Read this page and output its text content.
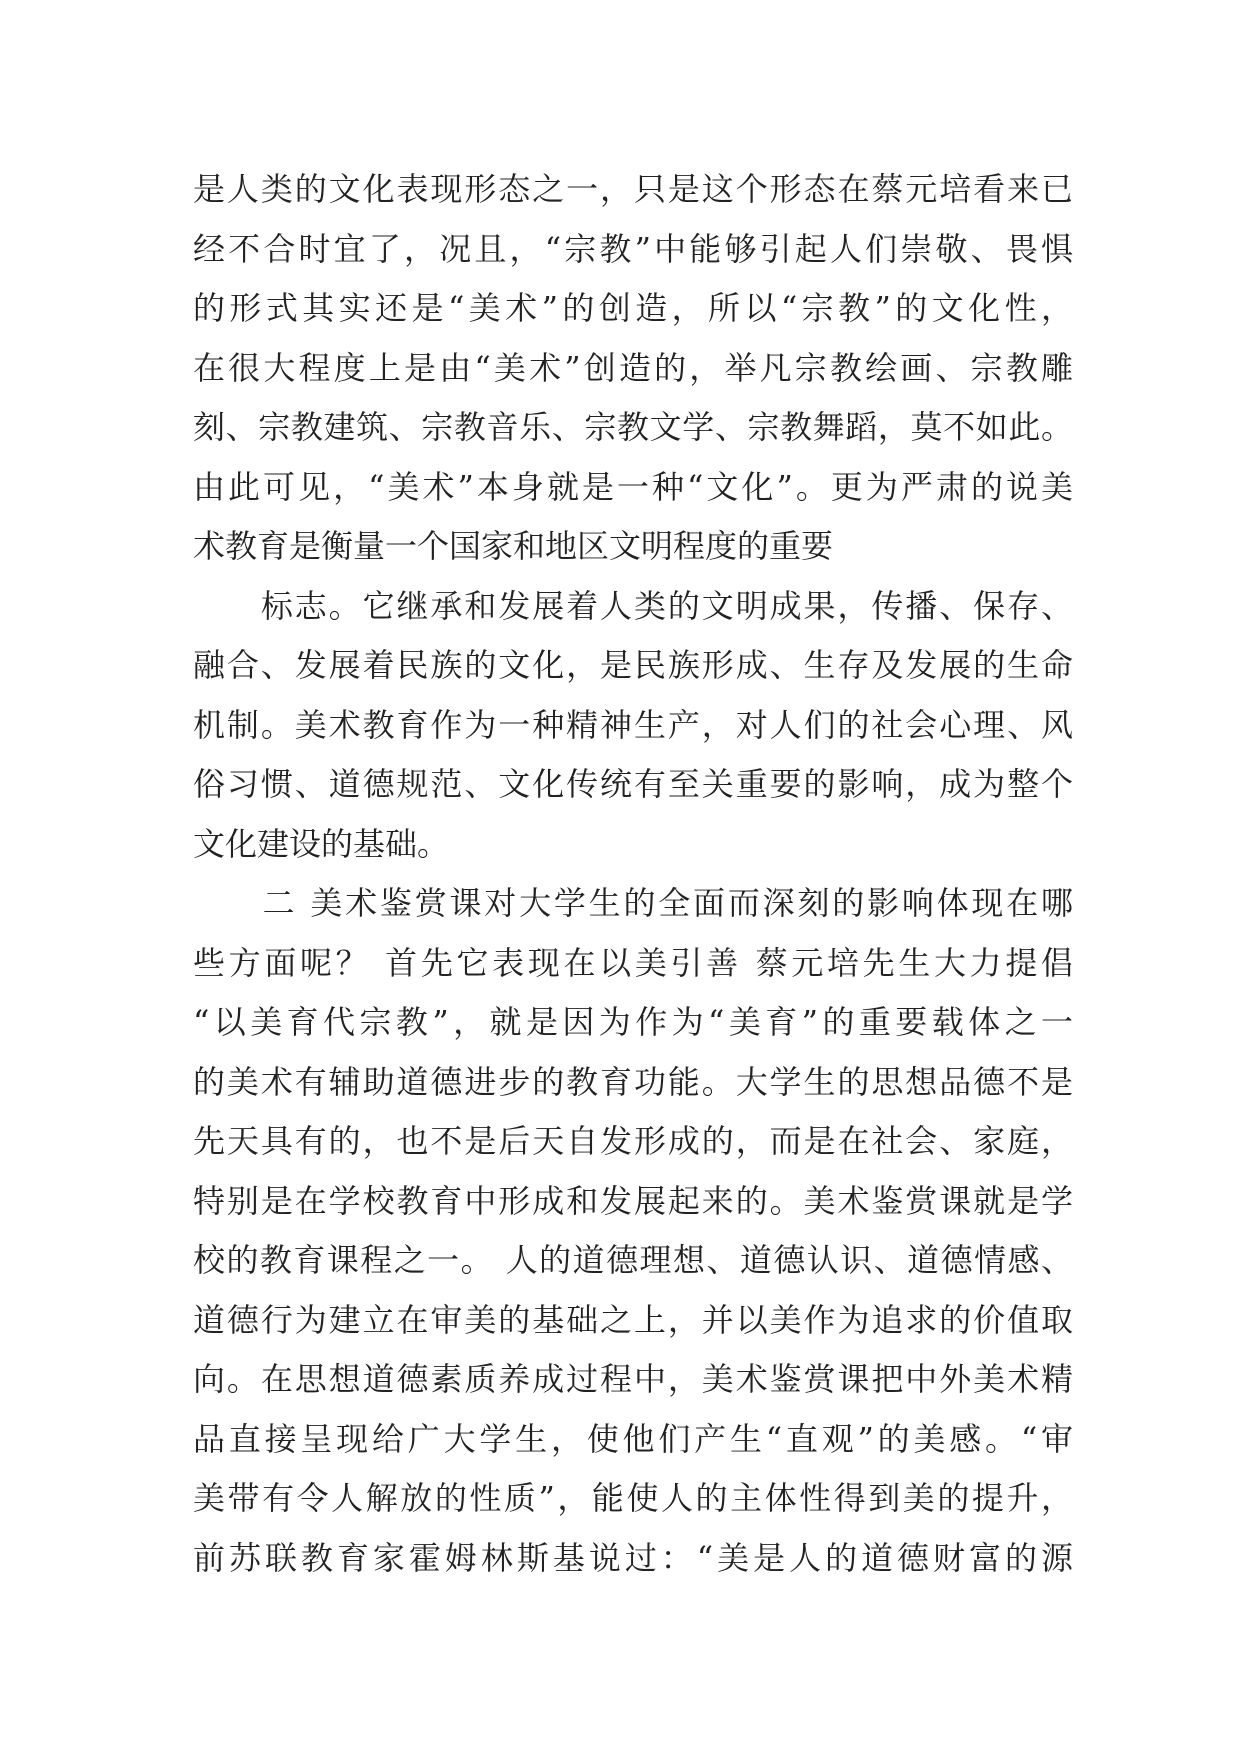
是人类的文化表现形态之一，只是这个形态在蔡元培看来已
经不合时宜了，况且，“宗教”中能够引起人们崇敬、畏惧
的形式其实还是“美术”的创造，所以“宗教”的文化性，
在很大程度上是由“美术”创造的，举凡宗教绘画、宗教雕
刻、宗教建筑、宗教音乐、宗教文学、宗教舞蹈，莫不如此。
由此可见，“美术”本身就是一种“文化”。更为严肃的说美
术教育是衡量一个国家和地区文明程度的重要
　　标志。它继承和发展着人类的文明成果，传播、保存、
融合、发展着民族的文化，是民族形成、生存及发展的生命
机制。美术教育作为一种精神生产，对人们的社会心理、风
俗习惯、道德规范、文化传统有至关重要的影响，成为整个
文化建设的基础。
　　二 美术鉴赏课对大学生的全面而深刻的影响体现在哪
些方面呢？ 首先它表现在以美引善 蔡元培先生大力提倡
“以美育代宗教”，就是因为作为“美育”的重要载体之一
的美术有辅助道德进步的教育功能。大学生的思想品德不是
先天具有的，也不是后天自发形成的，而是在社会、家庭，
特别是在学校教育中形成和发展起来的。美术鉴赏课就是学
校的教育课程之一。 人的道德理想、道德认识、道德情感、
道德行为建立在审美的基础之上，并以美作为追求的价值取
向。在思想道德素质养成过程中，美术鉴赏课把中外美术精
品直接呈现给广大学生，使他们产生“直观”的美感。“审
美带有令人解放的性质”，能使人的主体性得到美的提升，
前苏联教育家霍姆林斯基说过：“美是人的道德财富的源
